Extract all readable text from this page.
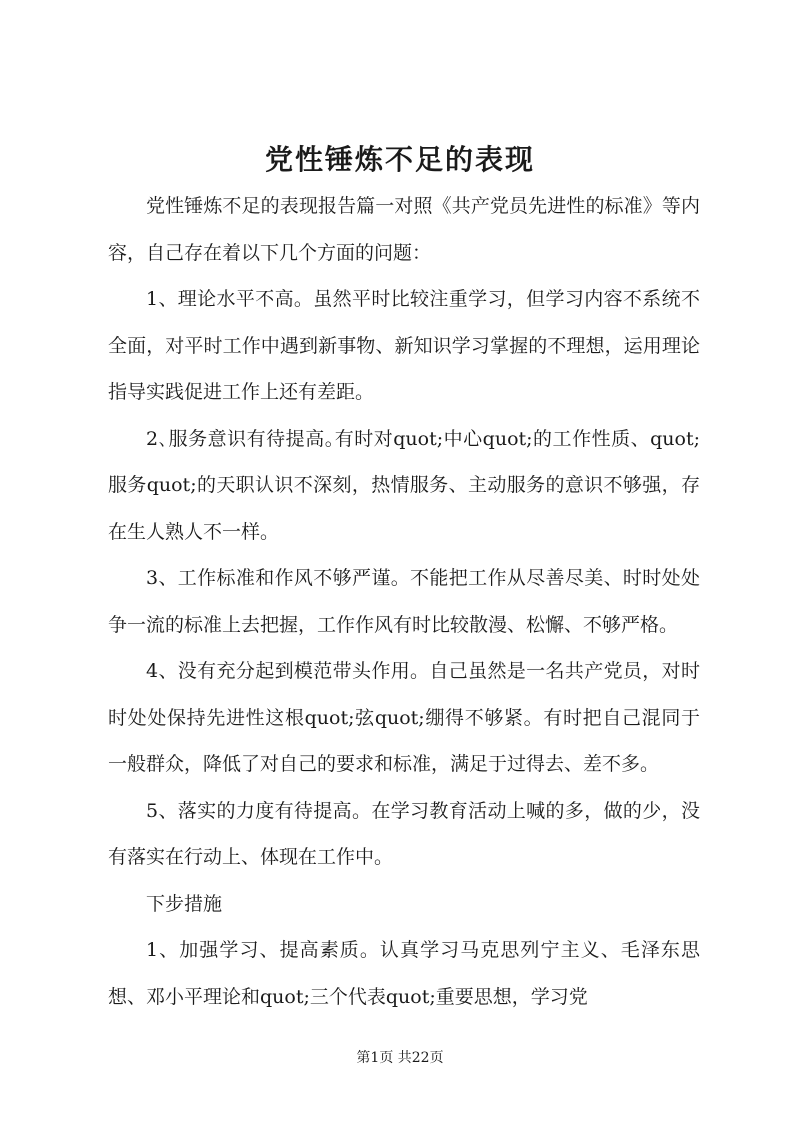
党性锤炼不足的表现

党性锤炼不足的表现报告篇一对照《共产党员先进性的标准》等内容，自己存在着以下几个方面的问题：

1、理论水平不高。虽然平时比较注重学习，但学习内容不系统不全面，对平时工作中遇到新事物、新知识学习掌握的不理想，运用理论指导实践促进工作上还有差距。

2､服务意识有待提高｡有时对quot;中心quot;的工作性质、quot;服务quot;的天职认识不深刻，热情服务、主动服务的意识不够强，存在生人熟人不一样。

3、工作标准和作风不够严谨。不能把工作从尽善尽美、时时处处争一流的标准上去把握，工作作风有时比较散漫、松懈、不够严格。

4、没有充分起到模范带头作用。自己虽然是一名共产党员，对时时处处保持先进性这根quot;弦quot;绷得不够紧。有时把自己混同于一般群众，降低了对自己的要求和标准，满足于过得去、差不多。

5、落实的力度有待提高。在学习教育活动上喊的多，做的少，没有落实在行动上、体现在工作中。

下步措施

1、加强学习、提高素质。认真学习马克思列宁主义、毛泽东思想、邓小平理论和quot;三个代表quot;重要思想，学习党

第1页 共22页
